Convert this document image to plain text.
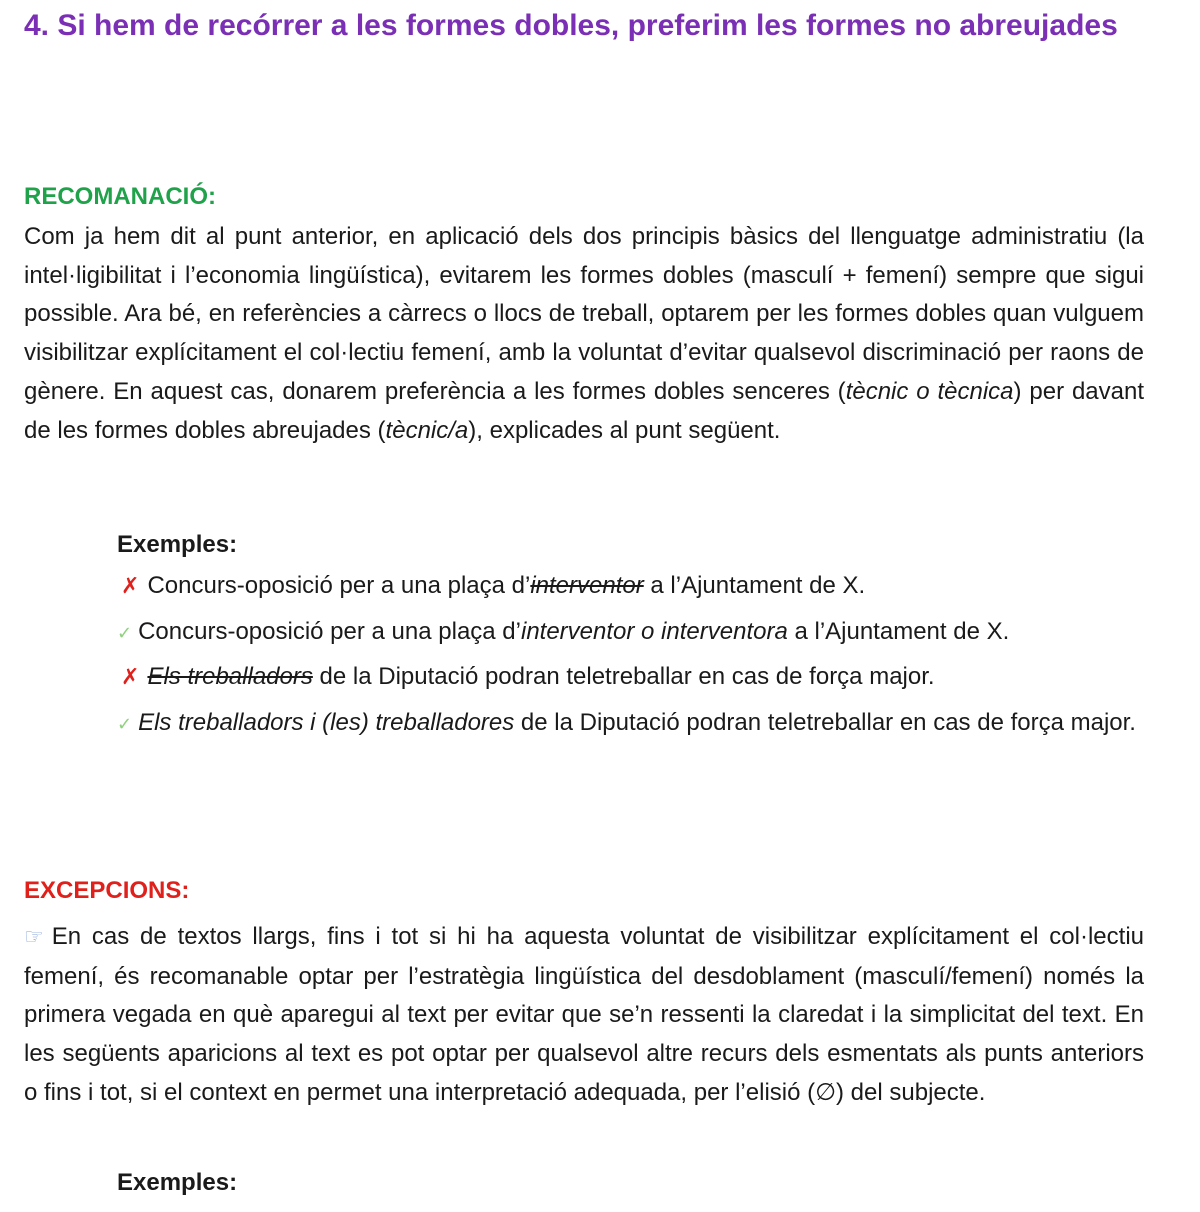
4. Si hem de recórrer a les formes dobles, preferim les formes no abreujades

RECOMANACIÓ:

Com ja hem dit al punt anterior, en aplicació dels dos principis bàsics del llenguatge administratiu (la intel·ligibilitat i l’economia lingüística), evitarem les formes dobles (masculí + femení) sempre que sigui possible. Ara bé, en referències a càrrecs o llocs de treball, optarem per les formes dobles quan vulguem visibilitzar explícitament el col·lectiu femení, amb la voluntat d’evitar qualsevol discriminació per raons de gènere. En aquest cas, donarem preferència a les formes dobles senceres (tècnic o tècnica) per davant de les formes dobles abreujades (tècnic/a), explicades al punt següent.

Exemples:

✗ Concurs-oposició per a una plaça d’interventor a l’Ajuntament de X.
✓ Concurs-oposició per a una plaça d’interventor o interventora a l’Ajuntament de X.
✗ Els treballadors de la Diputació podran teletreballar en cas de força major.
✓ Els treballadors i (les) treballadores de la Diputació podran teletreballar en cas de força major.

EXCEPCIONS:

☞ En cas de textos llargs, fins i tot si hi ha aquesta voluntat de visibilitzar explícitament el col·lectiu femení, és recomanable optar per l’estratègia lingüística del desdoblament (masculí/femení) només la primera vegada en què aparegui al text per evitar que se’n ressenti la claredat i la simplicitat del text. En les següents aparicions al text es pot optar per qualsevol altre recurs dels esmentats als punts anteriors o fins i tot, si el context en permet una interpretació adequada, per l’elisió (∅) del subjecte.

Exemples:
